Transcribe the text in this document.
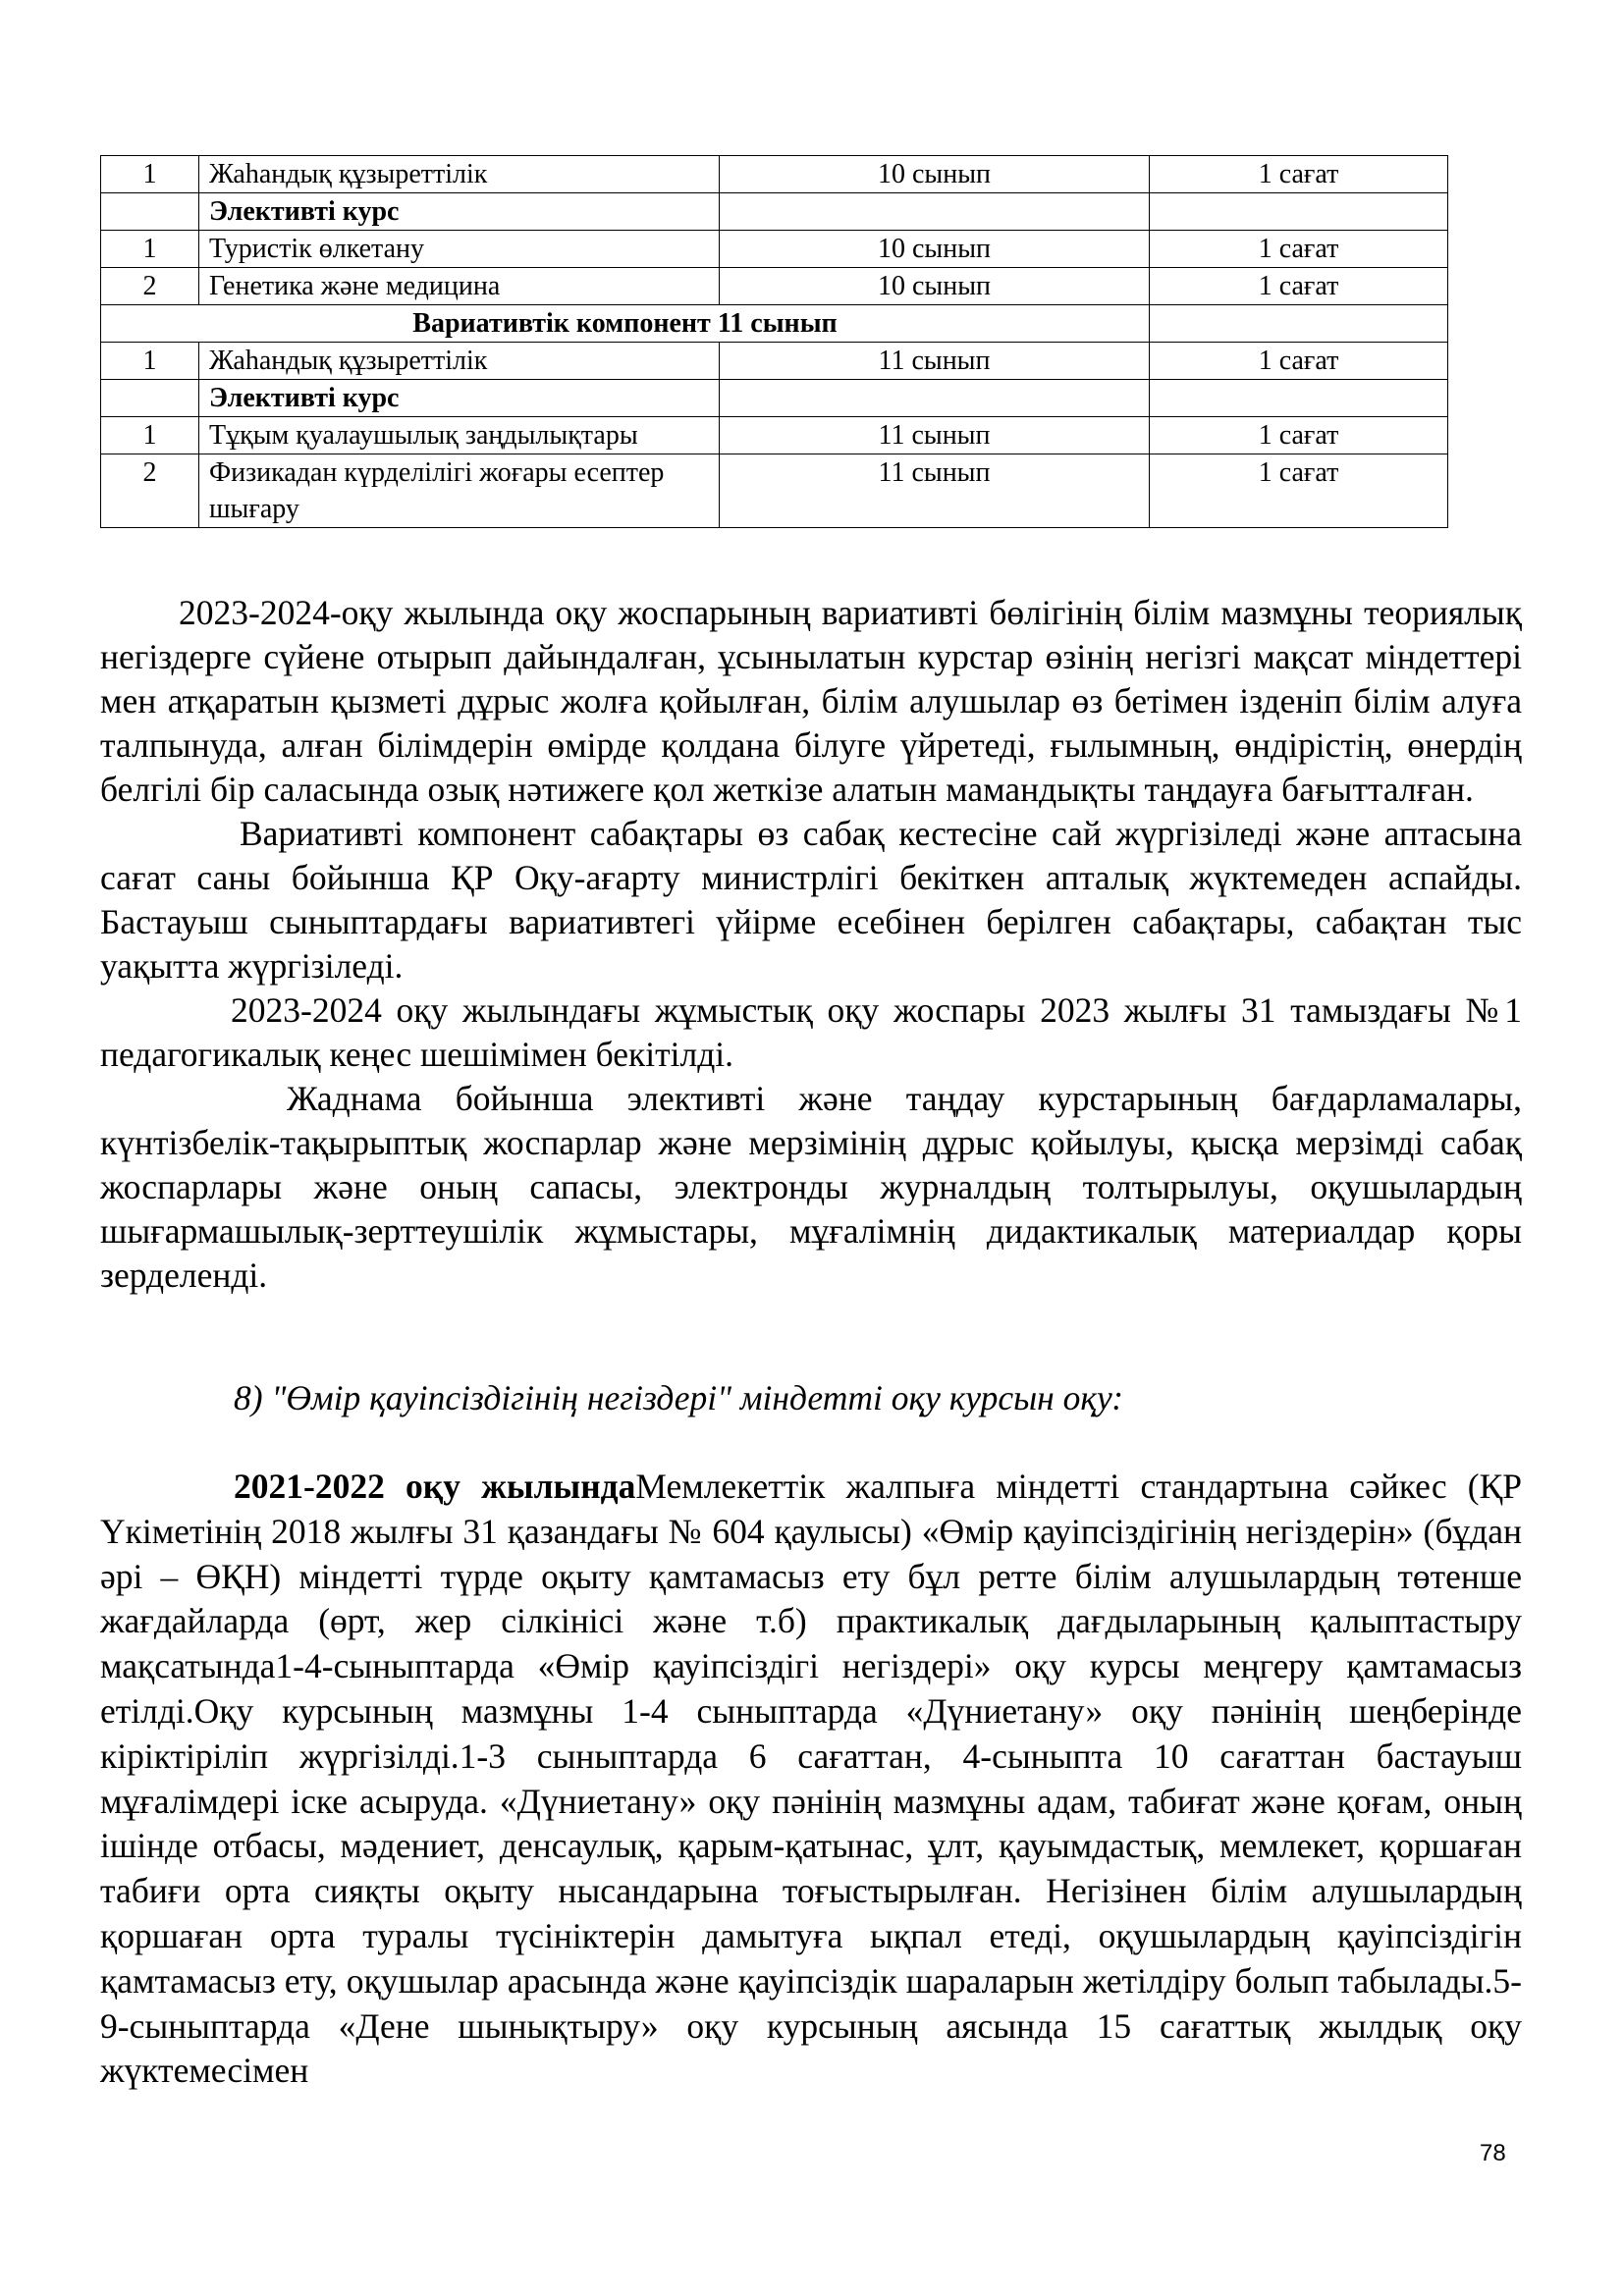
1	Жаһандық құзыреттілік	10 сынып	1 сағат
	Элективті курс		
1	Туристік өлкетану	10 сынып	1 сағат
2	Генетика және медицина	10 сынып	1 сағат
Вариативтік компонент 11 сынып			
1	Жаһандық құзыреттілік	11 сынып	1 сағат
	Элективті курс		
1	Тұқым қуалаушылық заңдылықтары	11 сынып	1 сағат
2	Физикадан күрделілігі жоғары есептер шығару	11 сынып	1 сағат

2023-2024-оқу жылында оқу жоспарының вариативті бөлігінің білім мазмұны теориялық негіздерге сүйене отырып дайындалған, ұсынылатын курстар өзінің негізгі мақсат міндеттері мен атқаратын қызметі дұрыс жолға қойылған, білім алушылар өз бетімен ізденіп білім алуға талпынуда, алған білімдерін өмірде қолдана білуге үйретеді, ғылымның, өндірістің, өнердің белгілі бір саласында озық нәтижеге қол жеткізе алатын мамандықты таңдауға бағытталған.

Вариативті компонент сабақтары өз сабақ кестесіне сай жүргізіледі және аптасына сағат саны бойынша ҚР Оқу-ағарту министрлігі бекіткен апталық жүктемеден аспайды. Бастауыш сыныптардағы вариативтегі үйірме есебінен берілген сабақтары, сабақтан тыс уақытта жүргізіледі.

2023-2024 оқу жылындағы жұмыстық оқу жоспары 2023 жылғы 31 тамыздағы №1 педагогикалық кеңес шешімімен бекітілді.

Жаднама бойынша элективті және таңдау курстарының бағдарламалары, күнтізбелік-тақырыптық жоспарлар және мерзімінің дұрыс қойылуы, қысқа мерзімді сабақ жоспарлары және оның сапасы, электронды журналдың толтырылуы, оқушылардың шығармашылық-зерттеушілік жұмыстары, мұғалімнің дидактикалық материалдар қоры зерделенді.

8) "Өмір қауіпсіздігінің негіздері" міндетті оқу курсын оқу:

2021-2022 оқу жылындаМемлекеттік жалпыға міндетті стандартына сәйкес (ҚР Үкіметінің 2018 жылғы 31 қазандағы № 604 қаулысы) «Өмір қауіпсіздігінің негіздерін» (бұдан әрі – ӨҚН) міндетті түрде оқыту қамтамасыз ету бұл ретте білім алушылардың төтенше жағдайларда (өрт, жер сілкінісі және т.б) практикалық дағдыларының қалыптастыру мақсатында1-4-сыныптарда «Өмір қауіпсіздігі негіздері» оқу курсы меңгеру қамтамасыз етілді.Оқу курсының мазмұны 1-4 сыныптарда «Дүниетану» оқу пәнінің шеңберінде кіріктіріліп жүргізілді.1-3 сыныптарда 6 сағаттан, 4-сыныпта 10 сағаттан бастауыш мұғалімдері іске асыруда. «Дүниетану» оқу пәнінің мазмұны адам, табиғат және қоғам, оның ішінде отбасы, мәдениет, денсаулық, қарым-қатынас, ұлт, қауымдастық, мемлекет, қоршаған табиғи орта сияқты оқыту нысандарына тоғыстырылған. Негізінен білім алушылардың қоршаған орта туралы түсініктерін дамытуға ықпал етеді, оқушылардың қауіпсіздігін қамтамасыз ету, оқушылар арасында және қауіпсіздік шараларын жетілдіру болып табылады.5-9-сыныптарда «Дене шынықтыру» оқу курсының аясында 15 сағаттық жылдық оқу жүктемесімен

78
